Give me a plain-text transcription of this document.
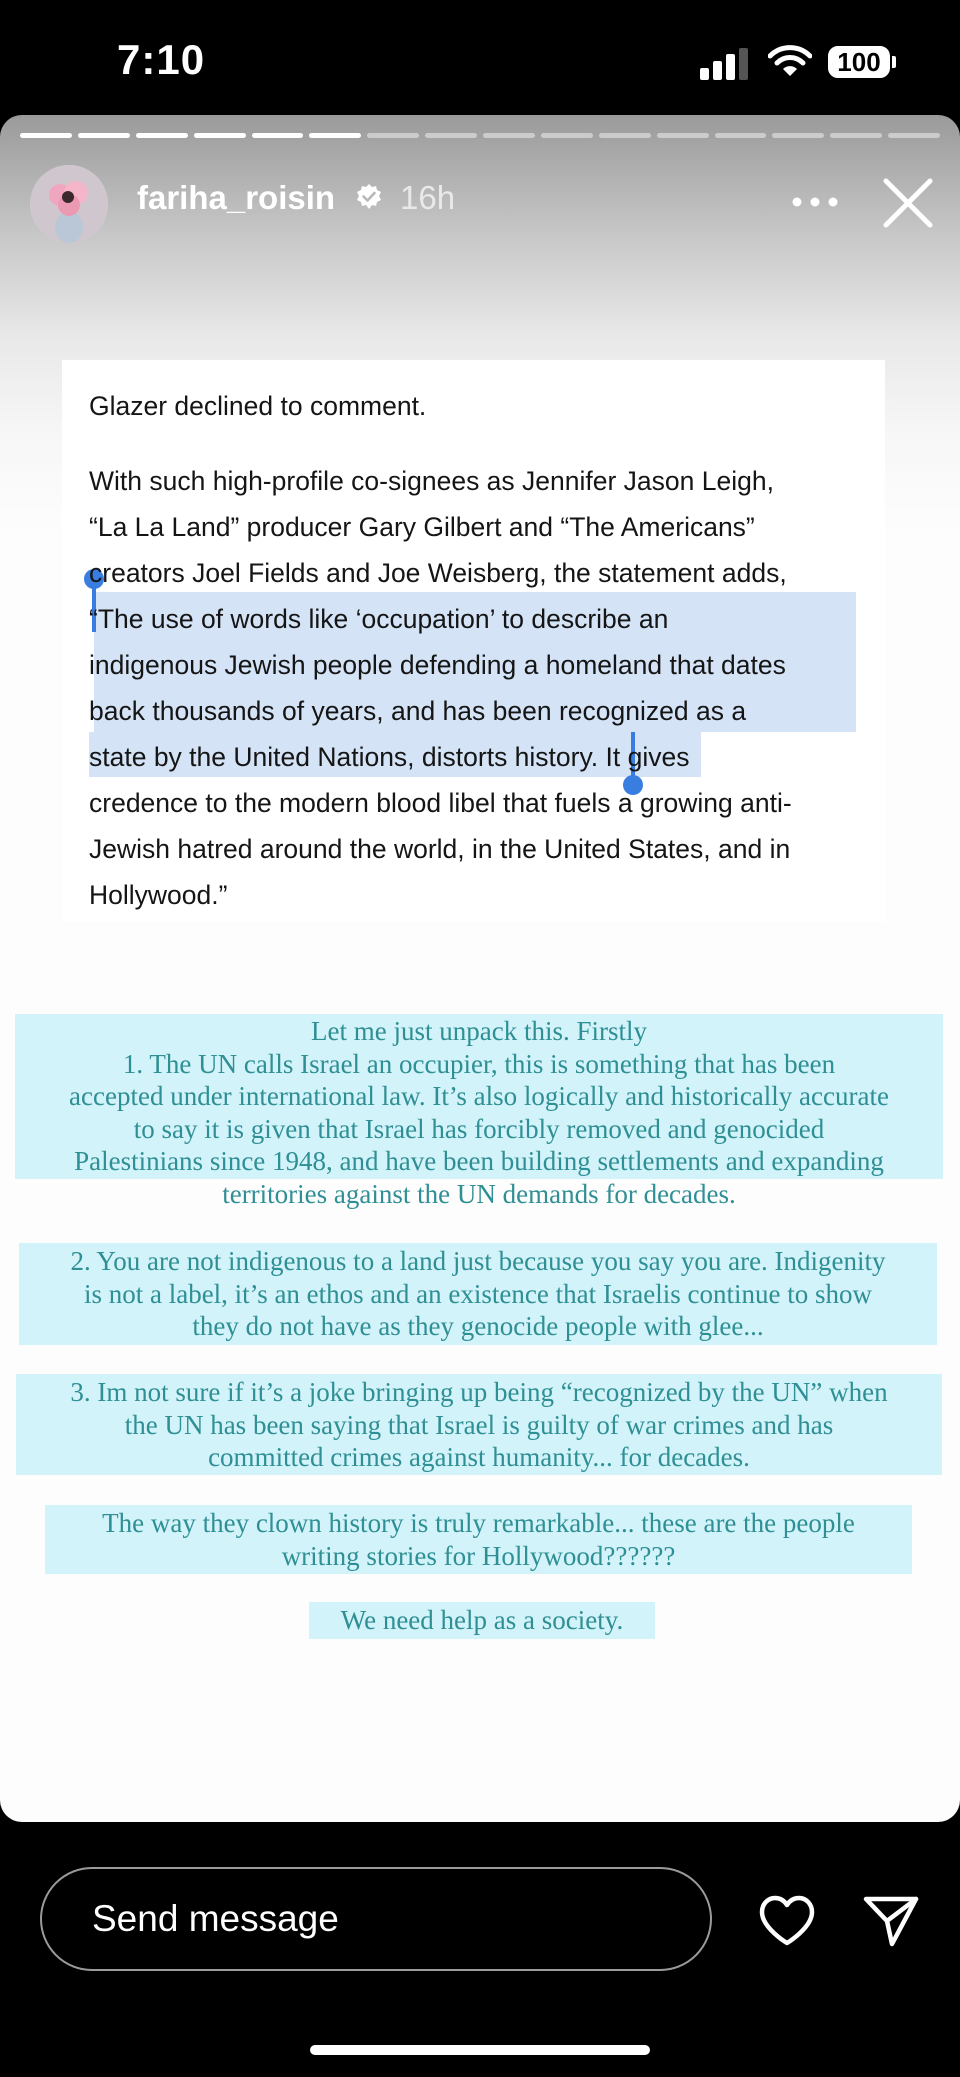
7:10	100
fariha_roisin 16h

Glazer declined to comment.

With such high-profile co-signees as Jennifer Jason Leigh,

“La La Land” producer Gary Gilbert and “The Americans”

creators Joel Fields and Joe Weisberg, the statement adds,

“The use of words like ‘occupation’ to describe an

indigenous Jewish people defending a homeland that dates

back thousands of years, and has been recognized as a

state by the United Nations, distorts history. It gives

credence to the modern blood libel that fuels a growing anti-

Jewish hatred around the world, in the United States, and in

Hollywood.”

Let me just unpack this. Firstly

1. The UN calls Israel an occupier, this is something that has been

accepted under international law. It’s also logically and historically accurate

to say it is given that Israel has forcibly removed and genocided

Palestinians since 1948, and have been building settlements and expanding

territories against the UN demands for decades.

2. You are not indigenous to a land just because you say you are. Indigenity

is not a label, it’s an ethos and an existence that Israelis continue to show

they do not have as they genocide people with glee...

3. Im not sure if it’s a joke bringing up being “recognized by the UN” when

the UN has been saying that Israel is guilty of war crimes and has

committed crimes against humanity... for decades.

The way they clown history is truly remarkable... these are the people

writing stories for Hollywood??????

We need help as a society.

Send message
